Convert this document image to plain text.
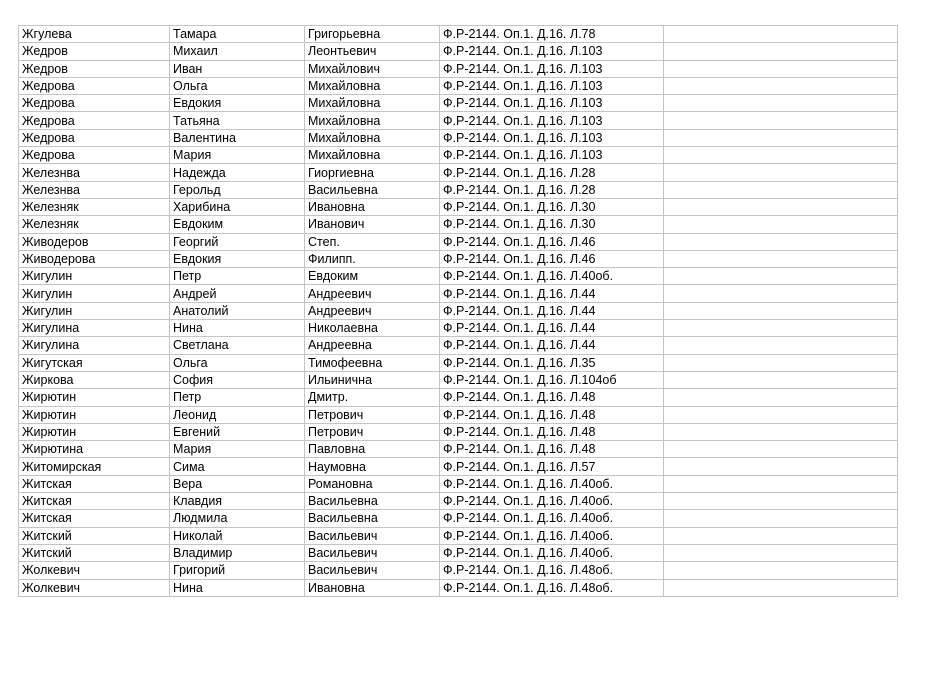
Жгулева	Тамара	Григорьевна	Ф.Р-2144. Оп.1. Д.16. Л.78	
Жедров	Михаил	Леонтьевич	Ф.Р-2144. Оп.1. Д.16. Л.103	
Жедров	Иван	Михайлович	Ф.Р-2144. Оп.1. Д.16. Л.103	
Жедрова	Ольга	Михайловна	Ф.Р-2144. Оп.1. Д.16. Л.103	
Жедрова	Евдокия	Михайловна	Ф.Р-2144. Оп.1. Д.16. Л.103	
Жедрова	Татьяна	Михайловна	Ф.Р-2144. Оп.1. Д.16. Л.103	
Жедрова	Валентина	Михайловна	Ф.Р-2144. Оп.1. Д.16. Л.103	
Жедрова	Мария	Михайловна	Ф.Р-2144. Оп.1. Д.16. Л.103	
Железнва	Надежда	Гиоргиевна	Ф.Р-2144. Оп.1. Д.16. Л.28	
Железнва	Герольд	Васильевна	Ф.Р-2144. Оп.1. Д.16. Л.28	
Железняк	Харибина	Ивановна	Ф.Р-2144. Оп.1. Д.16. Л.30	
Железняк	Евдоким	Иванович	Ф.Р-2144. Оп.1. Д.16. Л.30	
Живодеров	Георгий	Степ.	Ф.Р-2144. Оп.1. Д.16. Л.46	
Живодерова	Евдокия	Филипп.	Ф.Р-2144. Оп.1. Д.16. Л.46	
Жигулин	Петр	Евдоким	Ф.Р-2144. Оп.1. Д.16. Л.40об.	
Жигулин	Андрей	Андреевич	Ф.Р-2144. Оп.1. Д.16. Л.44	
Жигулин	Анатолий	Андреевич	Ф.Р-2144. Оп.1. Д.16. Л.44	
Жигулина	Нина	Николаевна	Ф.Р-2144. Оп.1. Д.16. Л.44	
Жигулина	Светлана	Андреевна	Ф.Р-2144. Оп.1. Д.16. Л.44	
Жигутская	Ольга	Тимофеевна	Ф.Р-2144. Оп.1. Д.16. Л.35	
Жиркова	София	Ильинична	Ф.Р-2144. Оп.1. Д.16. Л.104об	
Жирютин	Петр	Дмитр.	Ф.Р-2144. Оп.1. Д.16. Л.48	
Жирютин	Леонид	Петрович	Ф.Р-2144. Оп.1. Д.16. Л.48	
Жирютин	Евгений	Петрович	Ф.Р-2144. Оп.1. Д.16. Л.48	
Жирютина	Мария	Павловна	Ф.Р-2144. Оп.1. Д.16. Л.48	
Житомирская	Сима	Наумовна	Ф.Р-2144. Оп.1. Д.16. Л.57	
Житская	Вера	Романовна	Ф.Р-2144. Оп.1. Д.16. Л.40об.	
Житская	Клавдия	Васильевна	Ф.Р-2144. Оп.1. Д.16. Л.40об.	
Житская	Людмила	Васильевна	Ф.Р-2144. Оп.1. Д.16. Л.40об.	
Житский	Николай	Васильевич	Ф.Р-2144. Оп.1. Д.16. Л.40об.	
Житский	Владимир	Васильевич	Ф.Р-2144. Оп.1. Д.16. Л.40об.	
Жолкевич	Григорий	Васильевич	Ф.Р-2144. Оп.1. Д.16. Л.48об.	
Жолкевич	Нина	Ивановна	Ф.Р-2144. Оп.1. Д.16. Л.48об.	
